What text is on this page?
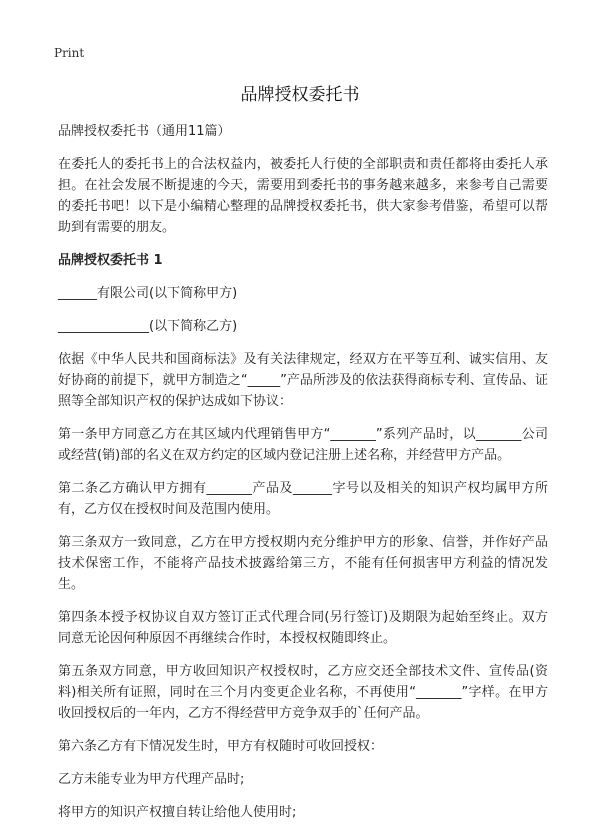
Print
品牌授权委托书

品牌授权委托书（通用11篇）

在委托人的委托书上的合法权益内，被委托人行使的全部职责和责任都将由委托人承担。在社会发展不断提速的今天，需要用到委托书的事务越来越多，来参考自己需要的委托书吧！以下是小编精心整理的品牌授权委托书，供大家参考借鉴，希望可以帮助到有需要的朋友。

品牌授权委托书 1

______有限公司(以下简称甲方)

______________(以下简称乙方)

依据《中华人民共和国商标法》及有关法律规定，经双方在平等互利、诚实信用、友好协商的前提下，就甲方制造之“_____”产品所涉及的依法获得商标专利、宣传品、证照等全部知识产权的保护达成如下协议：

第一条甲方同意乙方在其区域内代理销售甲方“_______”系列产品时，以_______公司或经营(销)部的名义在双方约定的区域内登记注册上述名称，并经营甲方产品。

第二条乙方确认甲方拥有_______产品及______字号以及相关的知识产权均属甲方所有，乙方仅在授权时间及范围内使用。

第三条双方一致同意，乙方在甲方授权期内充分维护甲方的形象、信誉，并作好产品技术保密工作，不能将产品技术披露给第三方，不能有任何损害甲方利益的情况发生。

第四条本授予权协议自双方签订正式代理合同(另行签订)及期限为起始至终止。双方同意无论因何种原因不再继续合作时，本授权权随即终止。

第五条双方同意，甲方收回知识产权授权时，乙方应交还全部技术文件、宣传品(资料)相关所有证照，同时在三个月内变更企业名称，不再使用“_______”字样。在甲方收回授权后的一年内，乙方不得经营甲方竞争双手的`任何产品。

第六条乙方有下情况发生时，甲方有权随时可收回授权：

乙方未能专业为甲方代理产品时;

将甲方的知识产权擅自转让给他人使用时;
